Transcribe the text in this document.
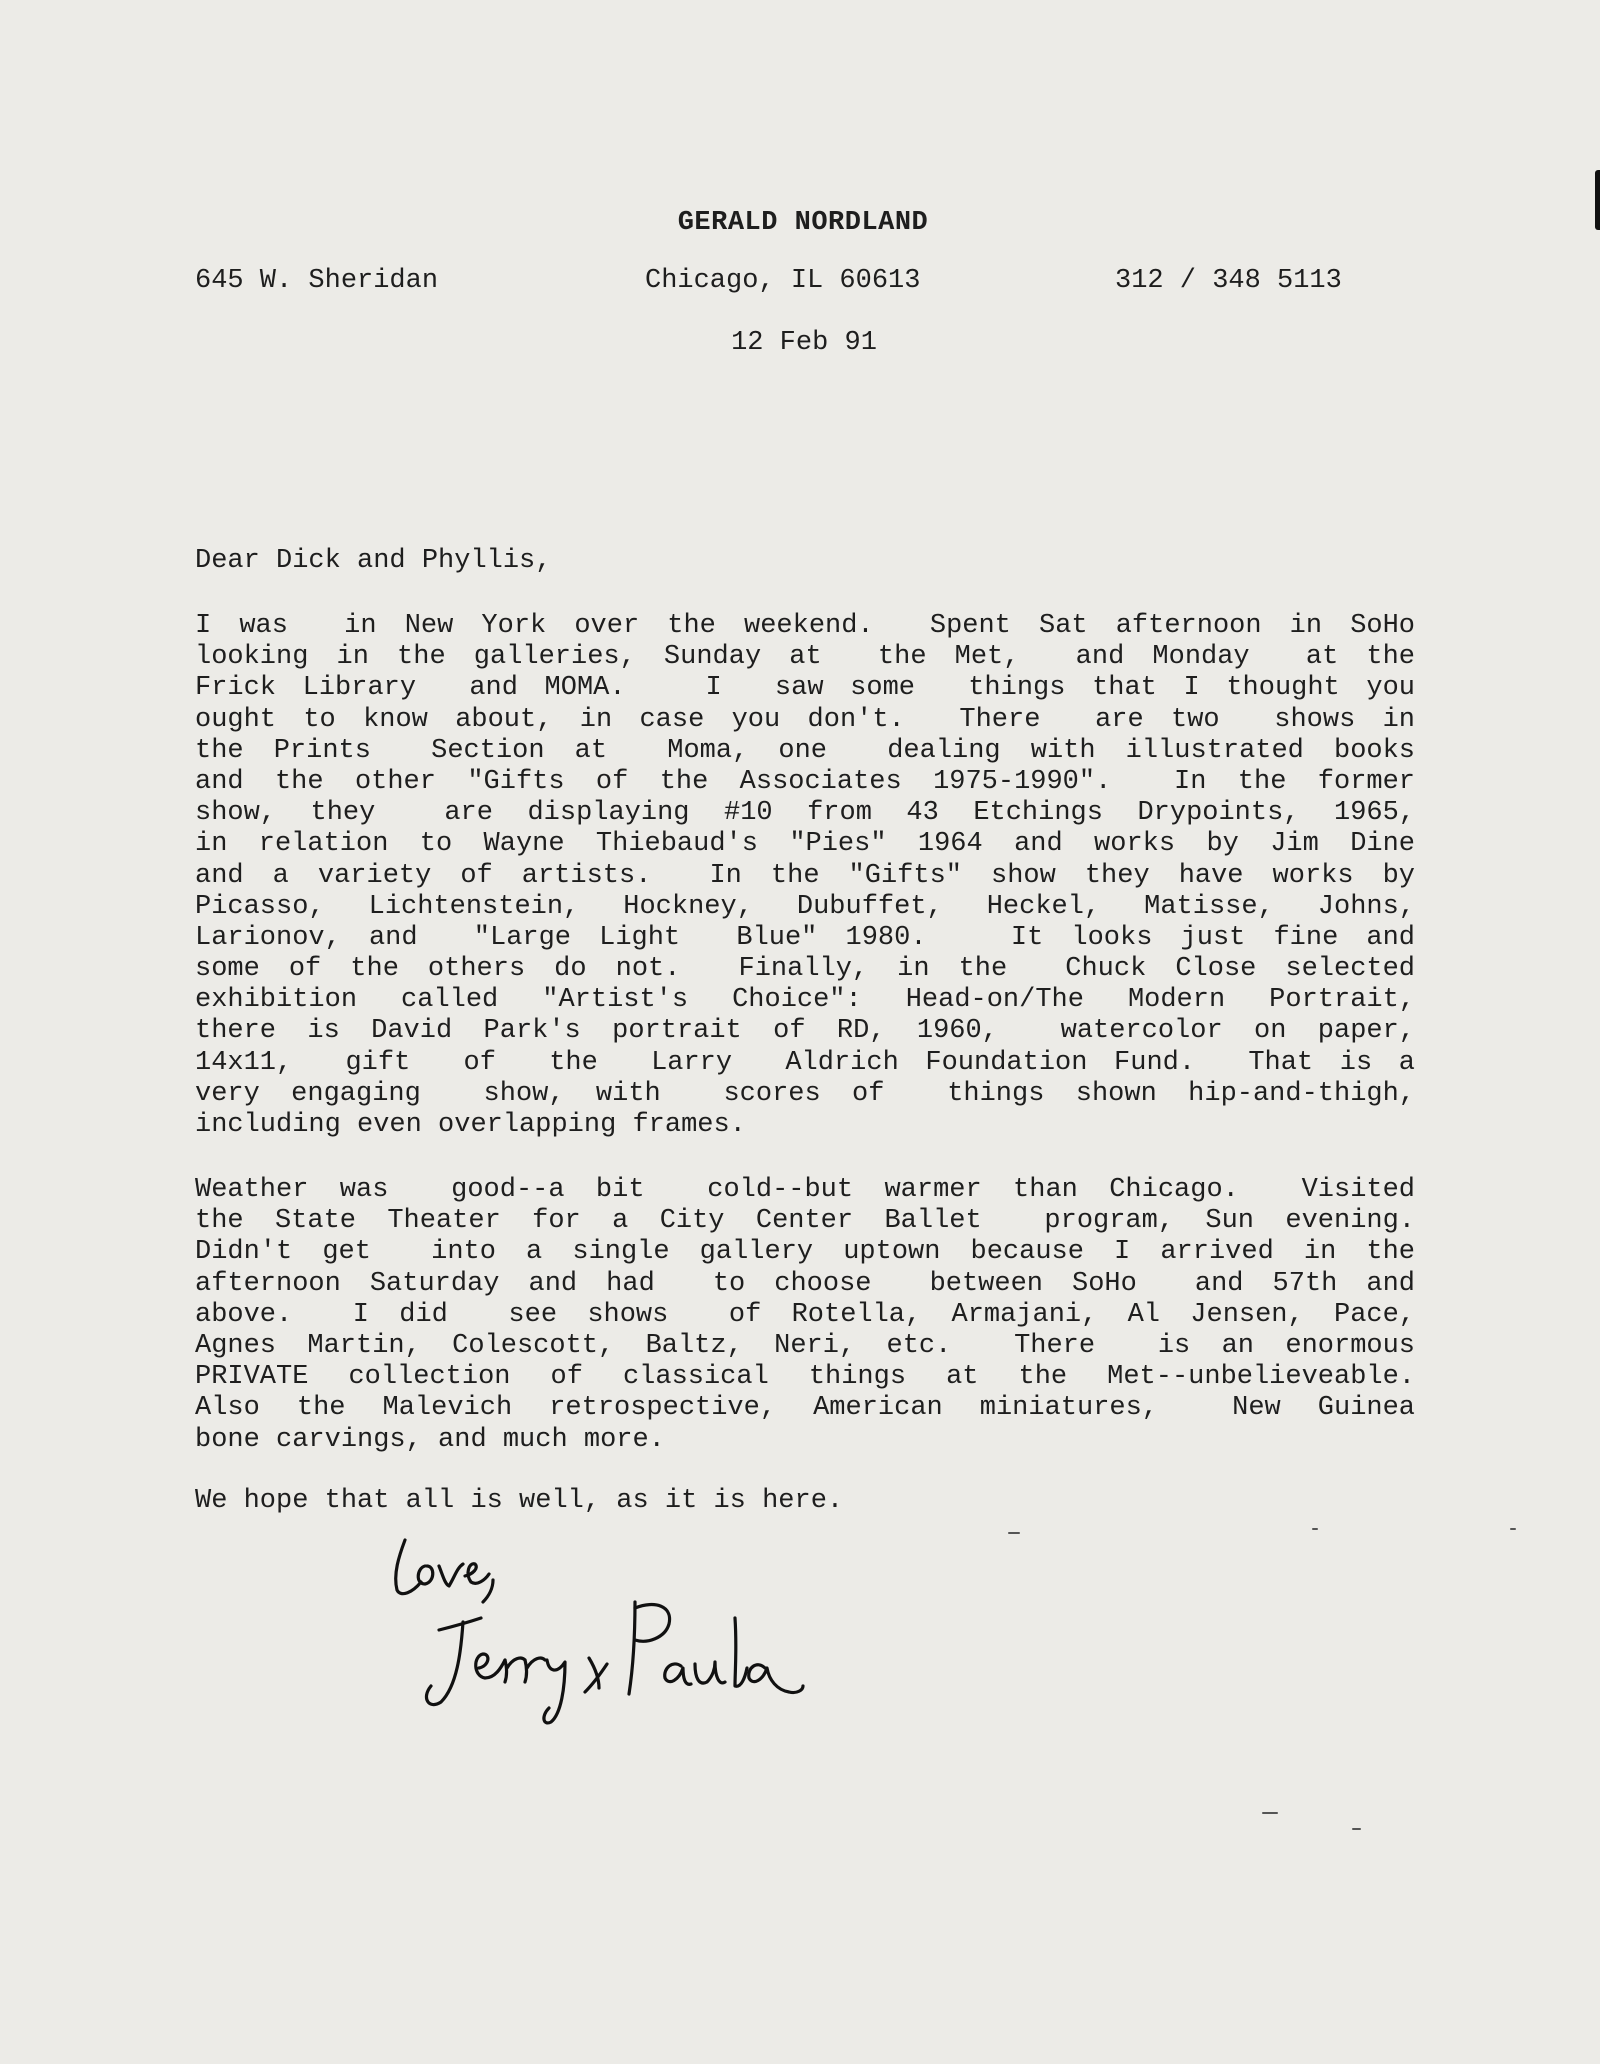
GERALD NORDLAND
645 W. Sheridan	Chicago, IL 60613	312 / 348 5113
12 Feb 91
Dear Dick and Phyllis,
I was  in New York over the weekend.  Spent Sat afternoon in SoHo
looking in the galleries, Sunday at  the Met,  and Monday  at the
Frick Library  and MOMA.   I  saw some  things that I thought you
ought to know about, in case you don't.  There  are two  shows in
the Prints  Section at  Moma, one  dealing with illustrated books
and the other "Gifts of the Associates 1975-1990".  In the former
show, they  are displaying #10 from 43 Etchings Drypoints, 1965,
in relation to Wayne Thiebaud's "Pies" 1964 and works by Jim Dine
and a variety of artists.  In the "Gifts" show they have works by
Picasso, Lichtenstein, Hockney, Dubuffet, Heckel, Matisse, Johns,
Larionov, and  "Large Light  Blue" 1980.   It looks just fine and
some of the others do not.  Finally, in the  Chuck Close selected
exhibition called "Artist's Choice": Head-on/The Modern Portrait,
there is David Park's portrait of RD, 1960,  watercolor on paper,
14x11,  gift  of  the  Larry  Aldrich Foundation Fund.  That is a
very engaging  show, with  scores of  things shown hip-and-thigh,
including even overlapping frames.
Weather was  good--a bit  cold--but warmer than Chicago.  Visited
the State Theater for a City Center Ballet  program, Sun evening.
Didn't get  into a single gallery uptown because I arrived in the
afternoon Saturday and had  to choose  between SoHo  and 57th and
above.  I did  see shows  of Rotella, Armajani, Al Jensen, Pace,
Agnes Martin, Colescott, Baltz, Neri, etc.  There  is an enormous
PRIVATE collection of classical things at the Met--unbelieveable.
Also the Malevich retrospective, American miniatures,  New Guinea
bone carvings, and much more.
We hope that all is well, as it is here.
